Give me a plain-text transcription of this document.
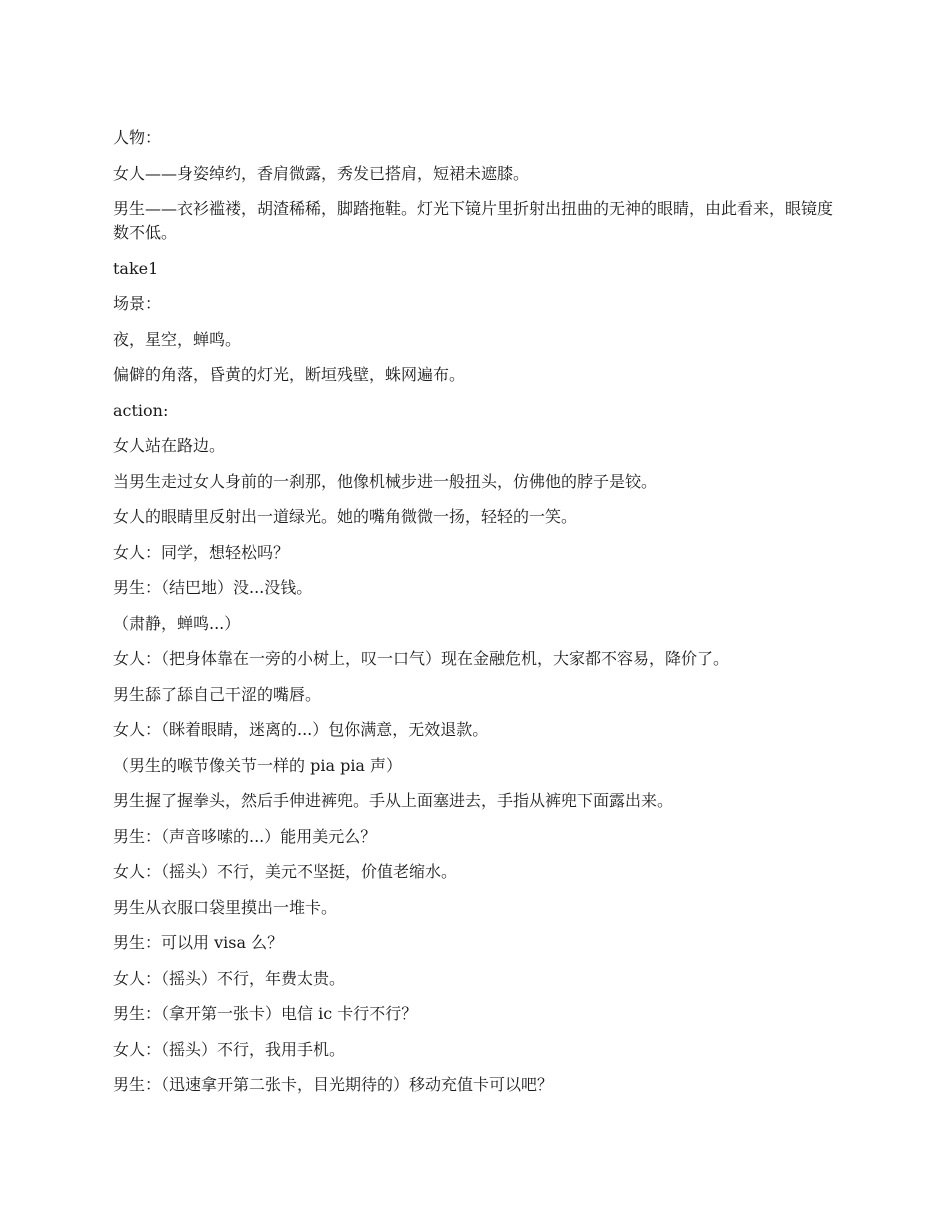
人物：

女人——身姿绰约，香肩微露，秀发已搭肩，短裙未遮膝。

男生——衣衫褴褛，胡渣稀稀，脚踏拖鞋。灯光下镜片里折射出扭曲的无神的眼睛，由此看来，眼镜度数不低。

take1

场景：

夜，星空，蝉鸣。

偏僻的角落，昏黄的灯光，断垣残壁，蛛网遍布。

action:

女人站在路边。

当男生走过女人身前的一刹那，他像机械步进一般扭头，仿佛他的脖子是铰。

女人的眼睛里反射出一道绿光。她的嘴角微微一扬，轻轻的一笑。

女人：同学，想轻松吗？

男生：（结巴地）没...没钱。

（肃静，蝉鸣...）

女人：（把身体靠在一旁的小树上，叹一口气）现在金融危机，大家都不容易，降价了。

男生舔了舔自己干涩的嘴唇。

女人：（眯着眼睛，迷离的...）包你满意，无效退款。

（男生的喉节像关节一样的 pia pia 声）

男生握了握拳头，然后手伸进裤兜。手从上面塞进去，手指从裤兜下面露出来。

男生：（声音哆嗦的...）能用美元么？

女人：（摇头）不行，美元不坚挺，价值老缩水。

男生从衣服口袋里摸出一堆卡。

男生：可以用 visa 么？

女人：（摇头）不行，年费太贵。

男生：（拿开第一张卡）电信 ic 卡行不行？

女人：（摇头）不行，我用手机。

男生：（迅速拿开第二张卡，目光期待的）移动充值卡可以吧？
